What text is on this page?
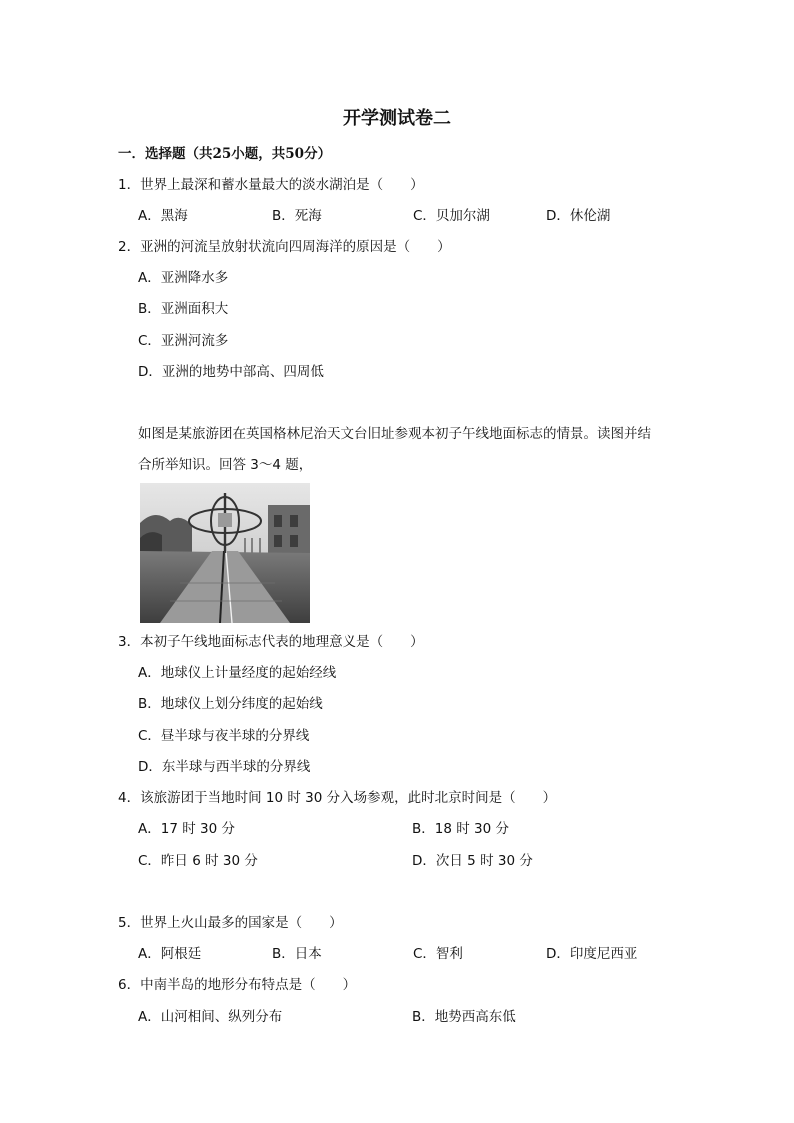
开学测试卷二
一．选择题（共25小题，共50分）
1．世界上最深和蓄水量最大的淡水湖泊是（　　）
A．黑海	B．死海	C．贝加尔湖	D．休伦湖
2．亚洲的河流呈放射状流向四周海洋的原因是（　　）
A．亚洲降水多
B．亚洲面积大
C．亚洲河流多
D．亚洲的地势中部高、四周低
如图是某旅游团在英国格林尼治天文台旧址参观本初子午线地面标志的情景。读图并结
合所举知识。回答 3～4 题，
3．本初子午线地面标志代表的地理意义是（　　）
A．地球仪上计量经度的起始经线
B．地球仪上划分纬度的起始线
C．昼半球与夜半球的分界线
D．东半球与西半球的分界线
4．该旅游团于当地时间 10 时 30 分入场参观，此时北京时间是（　　）
A．17 时 30 分	B．18 时 30 分
C．昨日 6 时 30 分	D．次日 5 时 30 分
5．世界上火山最多的国家是（　　）
A．阿根廷	B．日本	C．智利	D．印度尼西亚
6．中南半岛的地形分布特点是（　　）
A．山河相间、纵列分布	B．地势西高东低
